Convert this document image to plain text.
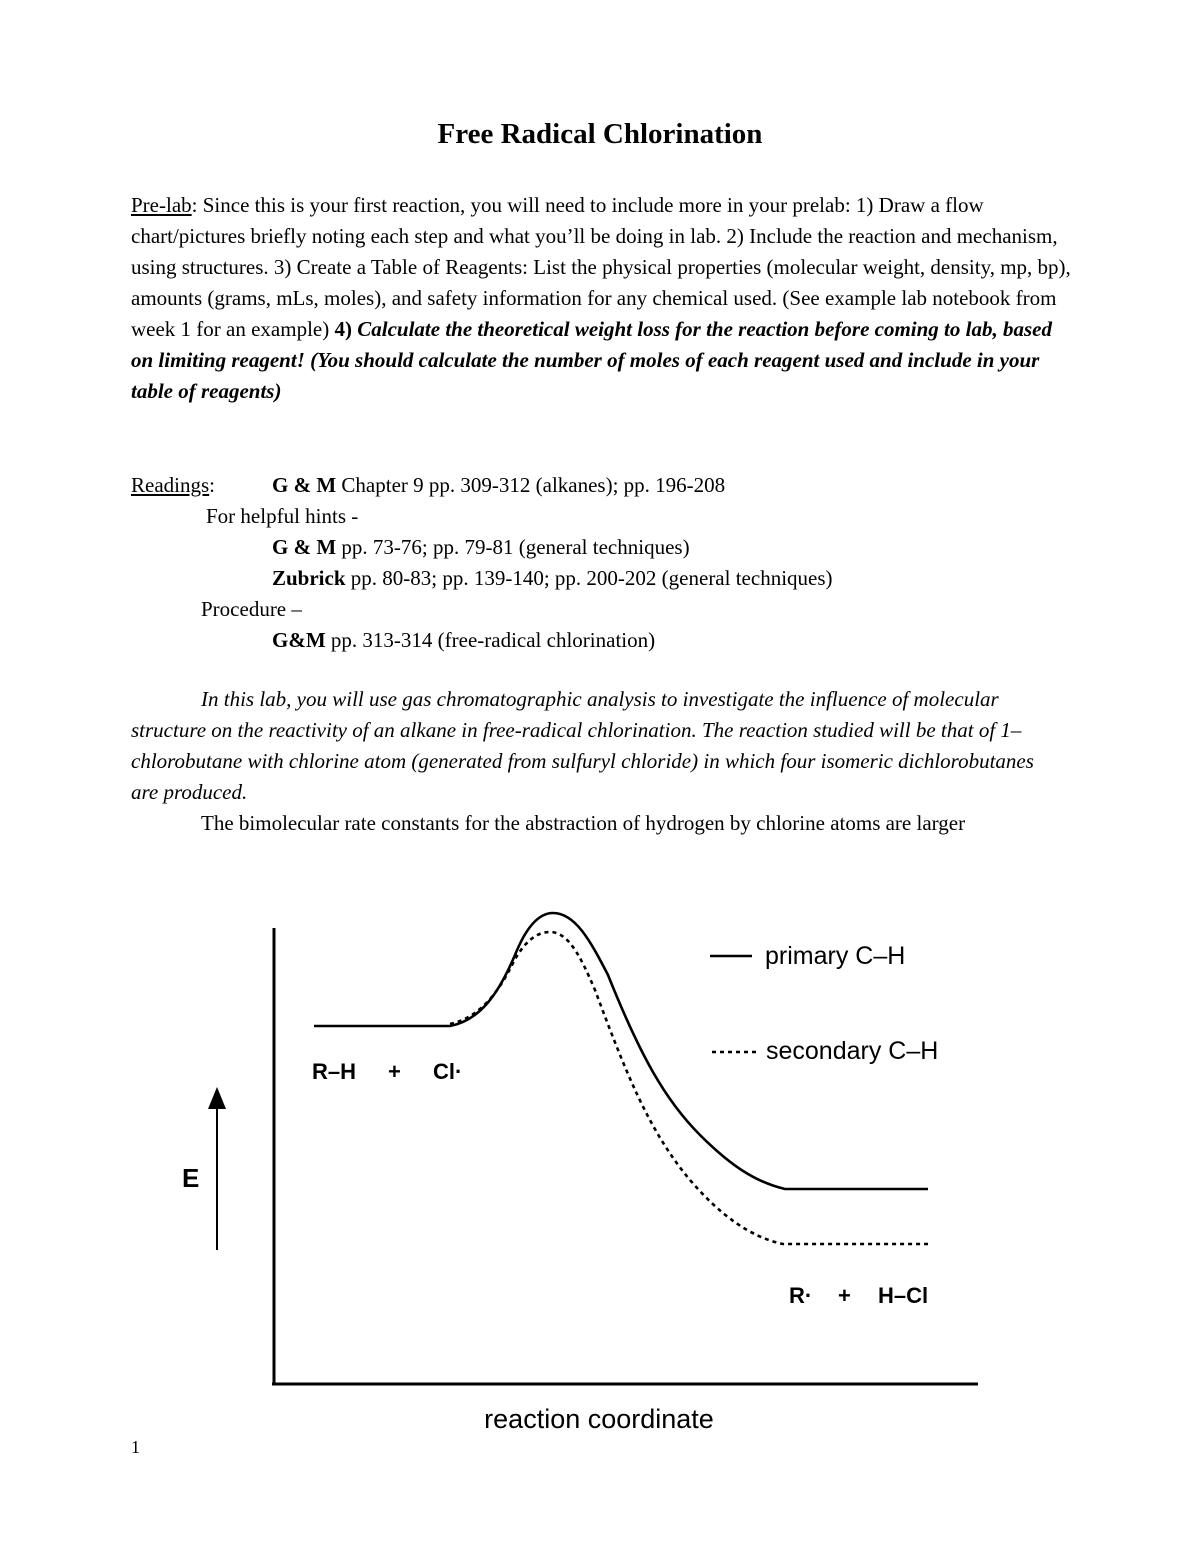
Free Radical Chlorination
Pre-lab: Since this is your first reaction, you will need to include more in your prelab: 1) Draw a flow chart/pictures briefly noting each step and what you’ll be doing in lab. 2) Include the reaction and mechanism, using structures. 3) Create a Table of Reagents: List the physical properties (molecular weight, density, mp, bp), amounts (grams, mLs, moles), and safety information for any chemical used. (See example lab notebook from week 1 for an example) 4) Calculate the theoretical weight loss for the reaction before coming to lab, based on limiting reagent! (You should calculate the number of moles of each reagent used and include in your table of reagents)
Readings:	G & M Chapter 9 pp. 309-312 (alkanes); pp. 196-208
For helpful hints -
G & M pp. 73-76; pp. 79-81 (general techniques)
Zubrick pp. 80-83; pp. 139-140; pp. 200-202 (general techniques)
Procedure –
G&M pp. 313-314 (free-radical chlorination)
In this lab, you will use gas chromatographic analysis to investigate the influence of molecular structure on the reactivity of an alkane in free-radical chlorination. The reaction studied will be that of 1–chlorobutane with chlorine atom (generated from sulfuryl chloride) in which four isomeric dichlorobutanes are produced.
The bimolecular rate constants for the abstraction of hydrogen by chlorine atoms are larger
E
primary C–H
secondary C–H
R–H + Cl·
R· + H–Cl
reaction coordinate
1
